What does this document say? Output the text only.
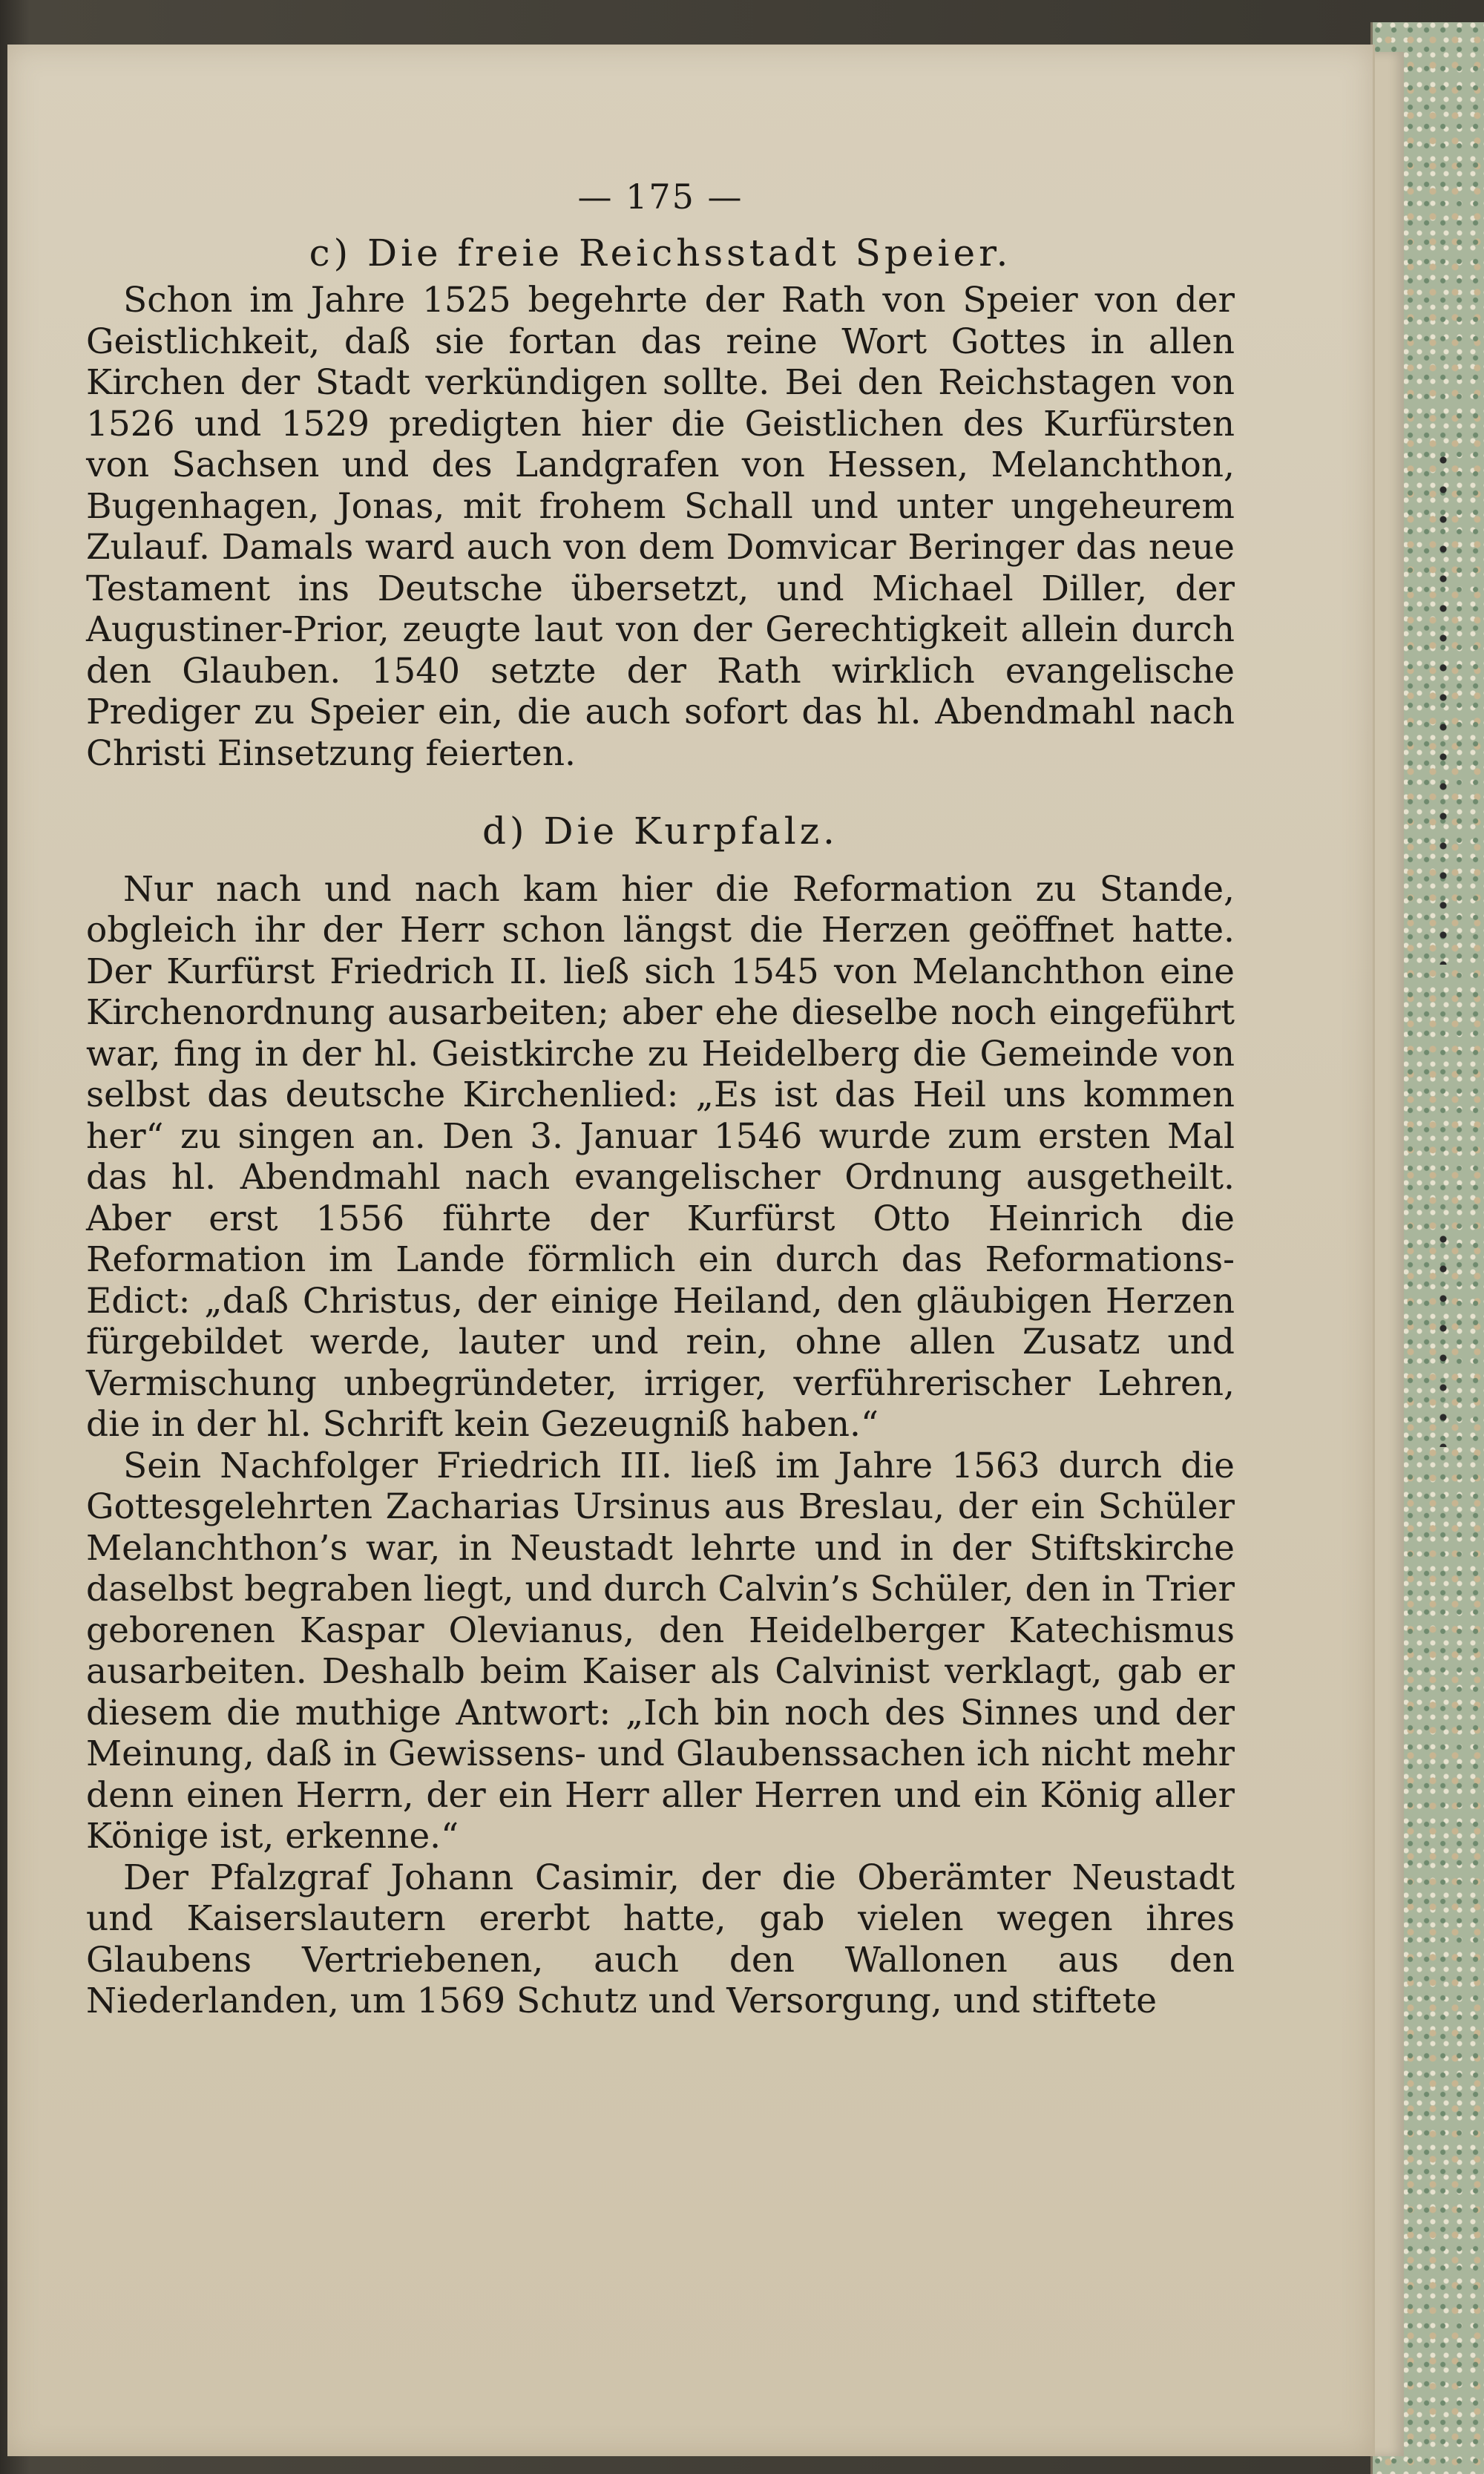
— 175 —
c) Die freie Reichsstadt Speier.

Schon im Jahre 1525 begehrte der Rath von Speier von der Geistlichkeit, daß sie fortan das reine Wort Gottes in allen Kirchen der Stadt verkündigen sollte. Bei den Reichstagen von 1526 und 1529 predigten hier die Geistlichen des Kurfürsten von Sachsen und des Landgrafen von Hessen, Melanchthon, Bugenhagen, Jonas, mit frohem Schall und unter ungeheurem Zulauf. Damals ward auch von dem Domvicar Beringer das neue Testament ins Deutsche übersetzt, und Michael Diller, der Augustiner-Prior, zeugte laut von der Gerechtigkeit allein durch den Glauben. 1540 setzte der Rath wirklich evangelische Prediger zu Speier ein, die auch sofort das hl. Abendmahl nach Christi Einsetzung feierten.

d) Die Kurpfalz.

Nur nach und nach kam hier die Reformation zu Stande, obgleich ihr der Herr schon längst die Herzen geöffnet hatte. Der Kurfürst Friedrich II. ließ sich 1545 von Melanchthon eine Kirchenordnung ausarbeiten; aber ehe dieselbe noch eingeführt war, fing in der hl. Geistkirche zu Heidelberg die Gemeinde von selbst das deutsche Kirchenlied: „Es ist das Heil uns kommen her“ zu singen an. Den 3. Januar 1546 wurde zum ersten Mal das hl. Abendmahl nach evangelischer Ordnung ausgetheilt. Aber erst 1556 führte der Kurfürst Otto Heinrich die Reformation im Lande förmlich ein durch das Reformations-Edict: „daß Christus, der einige Heiland, den gläubigen Herzen fürgebildet werde, lauter und rein, ohne allen Zusatz und Vermischung unbegründeter, irriger, verführerischer Lehren, die in der hl. Schrift kein Gezeugniß haben.“

Sein Nachfolger Friedrich III. ließ im Jahre 1563 durch die Gottesgelehrten Zacharias Ursinus aus Breslau, der ein Schüler Melanchthon’s war, in Neustadt lehrte und in der Stiftskirche daselbst begraben liegt, und durch Calvin’s Schüler, den in Trier geborenen Kaspar Olevianus, den Heidelberger Katechismus ausarbeiten. Deshalb beim Kaiser als Calvinist verklagt, gab er diesem die muthige Antwort: „Ich bin noch des Sinnes und der Meinung, daß in Gewissens- und Glaubenssachen ich nicht mehr denn einen Herrn, der ein Herr aller Herren und ein König aller Könige ist, erkenne.“

Der Pfalzgraf Johann Casimir, der die Oberämter Neustadt und Kaiserslautern ererbt hatte, gab vielen wegen ihres Glaubens Vertriebenen, auch den Wallonen aus den Niederlanden, um 1569 Schutz und Versorgung, und stiftete
